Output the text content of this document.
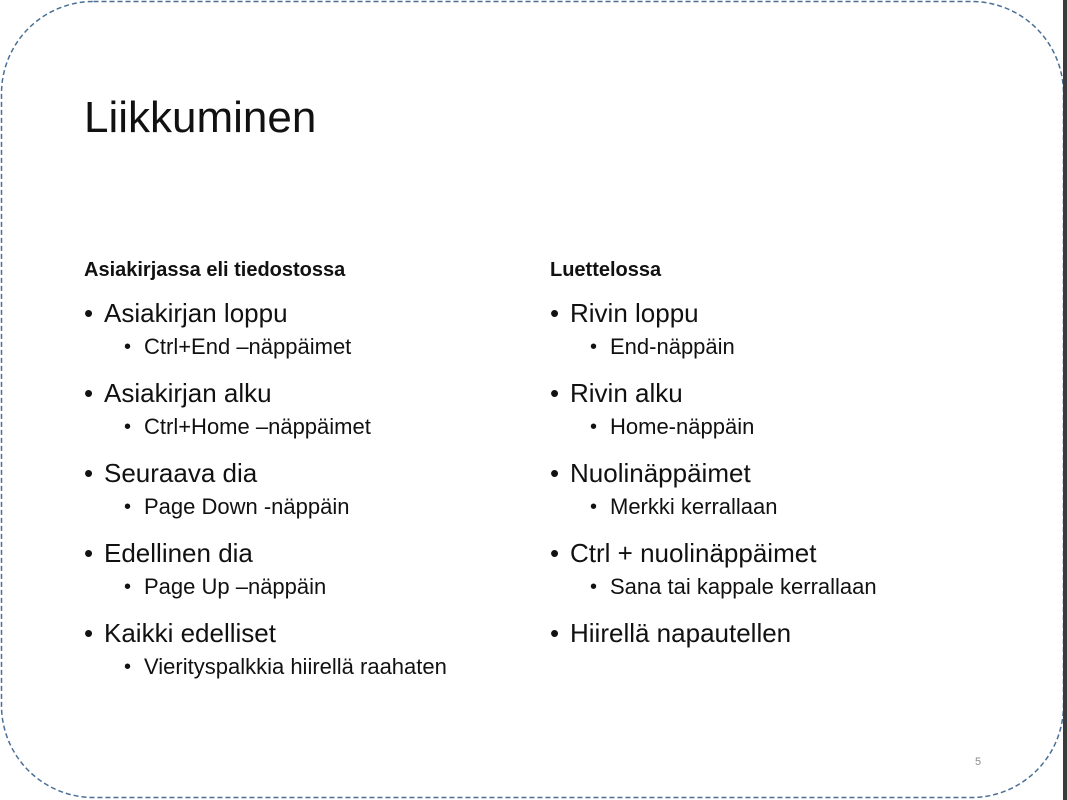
Liikkuminen
Asiakirjassa eli tiedostossa
• Asiakirjan loppu
• Ctrl+End –näppäimet
• Asiakirjan alku
• Ctrl+Home –näppäimet
• Seuraava dia
• Page Down -näppäin
• Edellinen dia
• Page Up –näppäin
• Kaikki edelliset
• Vierityspalkkia hiirellä raahaten
Luettelossa
• Rivin loppu
• End-näppäin
• Rivin alku
• Home-näppäin
• Nuolinäppäimet
• Merkki kerrallaan
• Ctrl + nuolinäppäimet
• Sana tai kappale kerrallaan
• Hiirellä napautellen
5
